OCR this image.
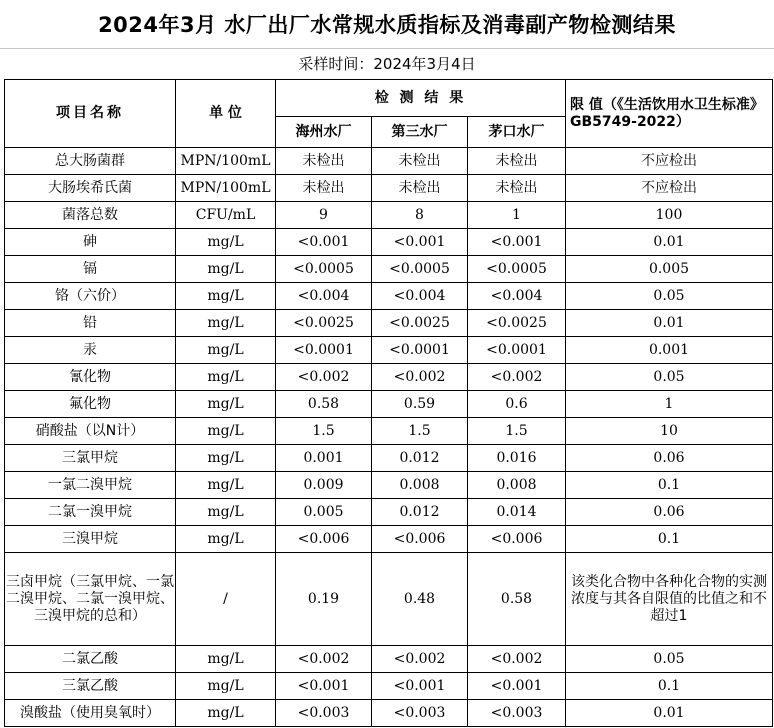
2024年3月 水厂出厂水常规水质指标及消毒副产物检测结果
采样时间：2024年3月4日
项目名称	单 位	检 测 结 果			限 值（《生活饮用水卫生标准》GB5749-2022）
		海州水厂	第三水厂	茅口水厂	
总大肠菌群	MPN/100mL	未检出	未检出	未检出	不应检出
大肠埃希氏菌	MPN/100mL	未检出	未检出	未检出	不应检出
菌落总数	CFU/mL	9	8	1	100
砷	mg/L	<0.001	<0.001	<0.001	0.01
镉	mg/L	<0.0005	<0.0005	<0.0005	0.005
铬（六价）	mg/L	<0.004	<0.004	<0.004	0.05
铅	mg/L	<0.0025	<0.0025	<0.0025	0.01
汞	mg/L	<0.0001	<0.0001	<0.0001	0.001
氰化物	mg/L	<0.002	<0.002	<0.002	0.05
氟化物	mg/L	0.58	0.59	0.6	1
硝酸盐（以N计）	mg/L	1.5	1.5	1.5	10
三氯甲烷	mg/L	0.001	0.012	0.016	0.06
一氯二溴甲烷	mg/L	0.009	0.008	0.008	0.1
二氯一溴甲烷	mg/L	0.005	0.012	0.014	0.06
三溴甲烷	mg/L	<0.006	<0.006	<0.006	0.1
三卤甲烷（三氯甲烷、一氯二溴甲烷、二氯一溴甲烷、三溴甲烷的总和）	/	0.19	0.48	0.58	该类化合物中各种化合物的实测浓度与其各自限值的比值之和不超过1
二氯乙酸	mg/L	<0.002	<0.002	<0.002	0.05
三氯乙酸	mg/L	<0.001	<0.001	<0.001	0.1
溴酸盐（使用臭氧时）	mg/L	<0.003	<0.003	<0.003	0.01
